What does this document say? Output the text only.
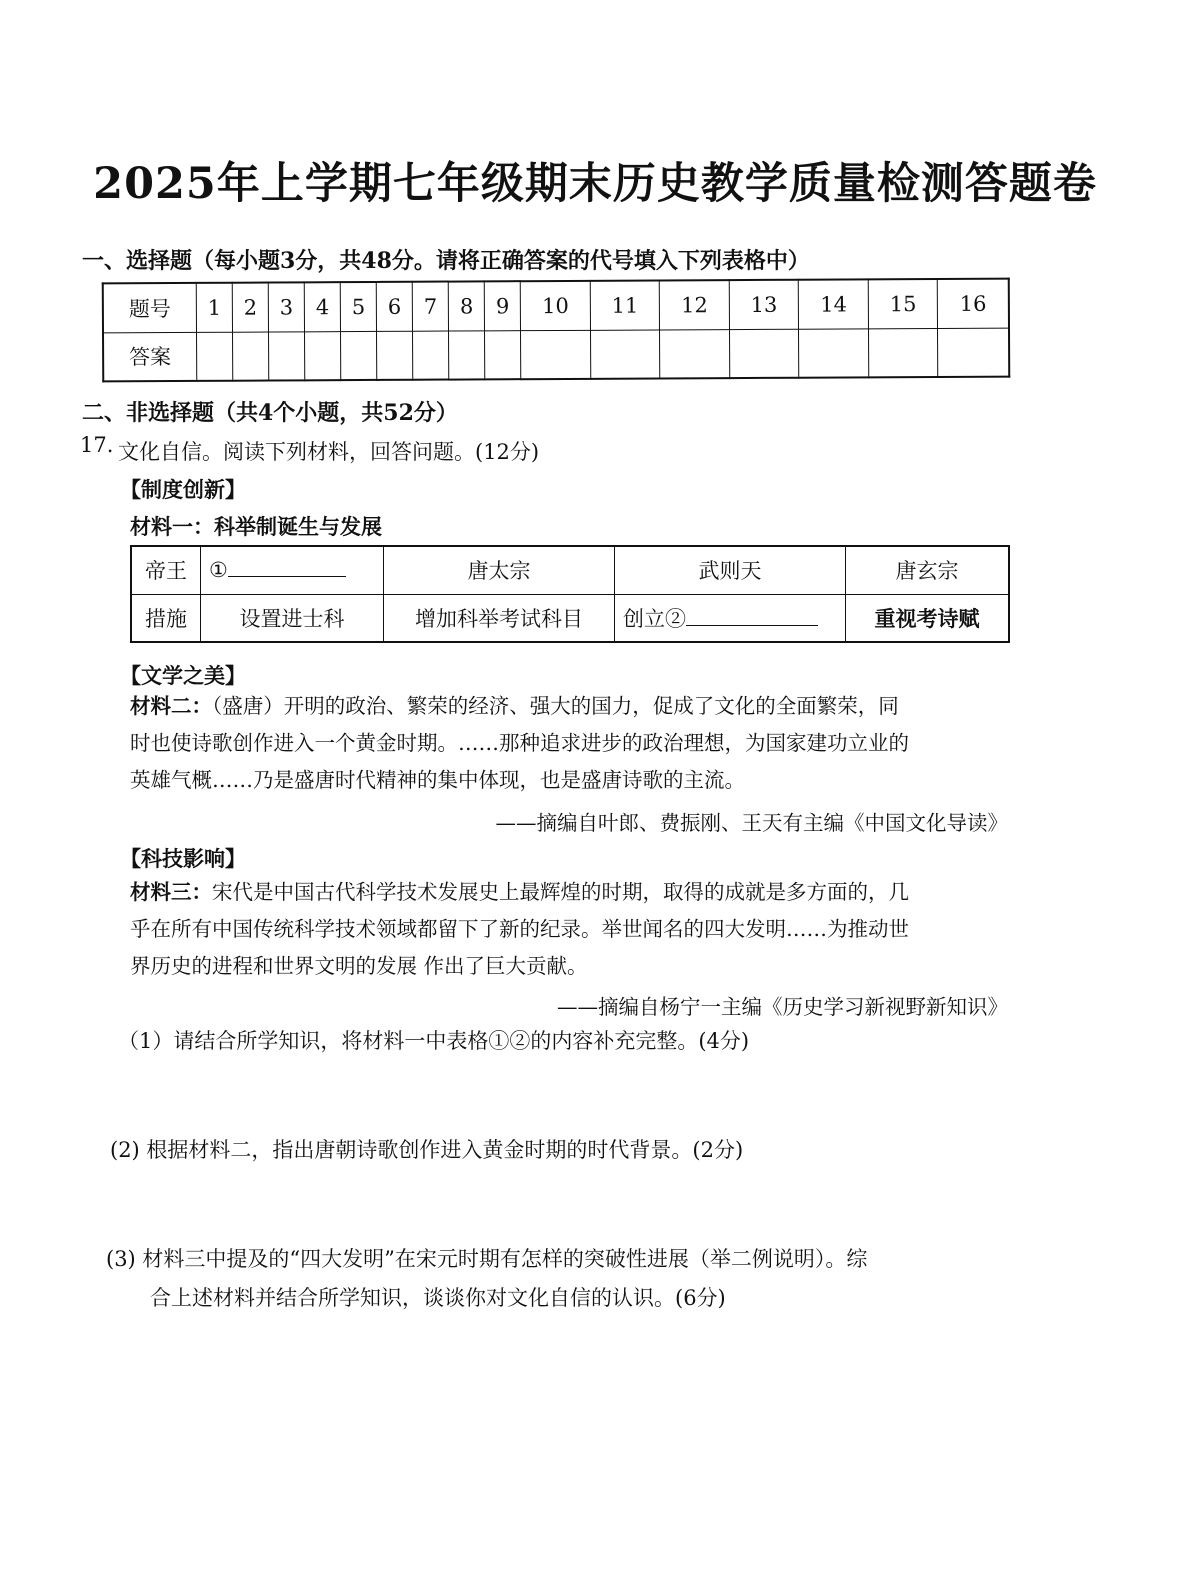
2025年上学期七年级期末历史教学质量检测答题卷
一、选择题（每小题3分，共48分。请将正确答案的代号填入下列表格中）
题号	1	2	3	4	5	6	7	8	9	10	11	12	13	14	15	16
答案																
二、非选择题（共4个小题，共52分）
17. 文化自信。阅读下列材料，回答问题。(12分)
【制度创新】
材料一：科举制诞生与发展
帝王	①	唐太宗	武则天	唐玄宗
措施	设置进士科	增加科举考试科目	创立②	重视考诗赋
【文学之美】
材料二：（盛唐）开明的政治、繁荣的经济、强大的国力，促成了文化的全面繁荣，同
时也使诗歌创作进入一个黄金时期。……那种追求进步的政治理想，为国家建功立业的
英雄气概……乃是盛唐时代精神的集中体现，也是盛唐诗歌的主流。
——摘编自叶郎、费振刚、王天有主编《中国文化导读》
【科技影响】
材料三：宋代是中国古代科学技术发展史上最辉煌的时期，取得的成就是多方面的，几
乎在所有中国传统科学技术领域都留下了新的纪录。举世闻名的四大发明……为推动世
界历史的进程和世界文明的发展 作出了巨大贡献。
——摘编自杨宁一主编《历史学习新视野新知识》
（1）请结合所学知识，将材料一中表格①②的内容补充完整。(4分)
(2) 根据材料二，指出唐朝诗歌创作进入黄金时期的时代背景。(2分)
(3) 材料三中提及的“四大发明”在宋元时期有怎样的突破性进展（举二例说明）。综
合上述材料并结合所学知识，谈谈你对文化自信的认识。(6分)
